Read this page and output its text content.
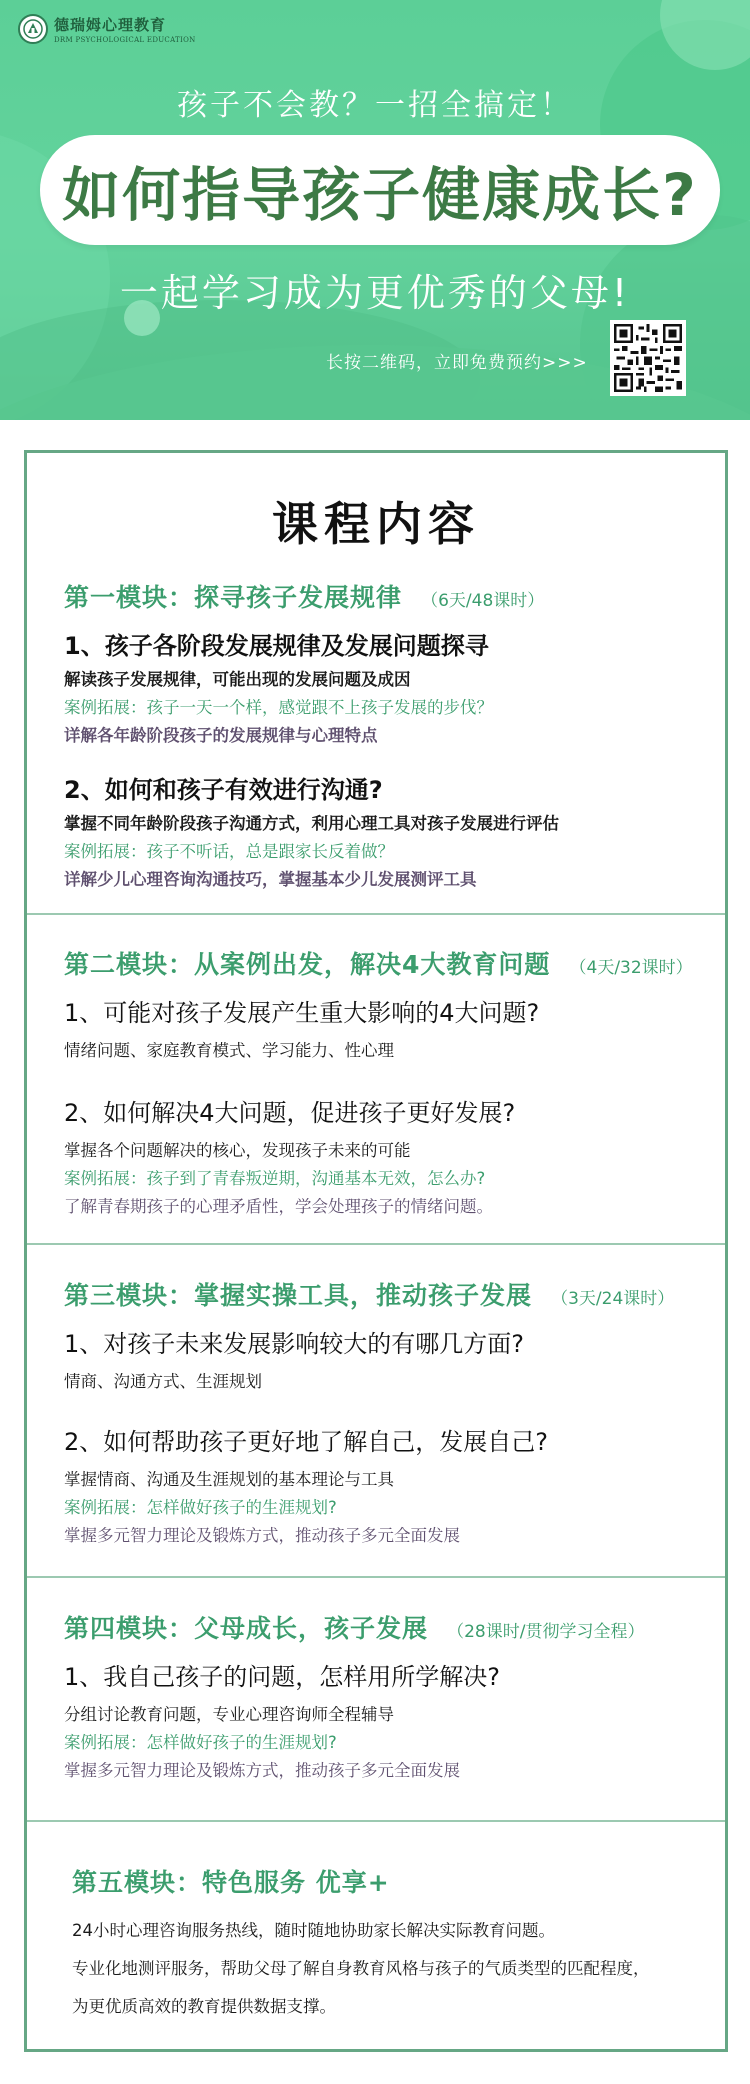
德瑞姆心理教育
DRM PSYCHOLOGICAL EDUCATION
孩子不会教？一招全搞定！
如何指导孩子健康成长?
一起学习成为更优秀的父母!
长按二维码，立即免费预约>>>
课程内容
第一模块：探寻孩子发展规律 （6天/48课时）
1、孩子各阶段发展规律及发展问题探寻
解读孩子发展规律，可能出现的发展问题及成因
案例拓展：孩子一天一个样，感觉跟不上孩子发展的步伐？
详解各年龄阶段孩子的发展规律与心理特点
2、如何和孩子有效进行沟通?
掌握不同年龄阶段孩子沟通方式，利用心理工具对孩子发展进行评估
案例拓展：孩子不听话，总是跟家长反着做？
详解少儿心理咨询沟通技巧，掌握基本少儿发展测评工具
第二模块：从案例出发，解决4大教育问题 （4天/32课时）
1、可能对孩子发展产生重大影响的4大问题?
情绪问题、家庭教育模式、学习能力、性心理
2、如何解决4大问题，促进孩子更好发展?
掌握各个问题解决的核心，发现孩子未来的可能
案例拓展：孩子到了青春叛逆期，沟通基本无效，怎么办?
了解青春期孩子的心理矛盾性，学会处理孩子的情绪问题。
第三模块：掌握实操工具，推动孩子发展 （3天/24课时）
1、对孩子未来发展影响较大的有哪几方面?
情商、沟通方式、生涯规划
2、如何帮助孩子更好地了解自己，发展自己?
掌握情商、沟通及生涯规划的基本理论与工具
案例拓展：怎样做好孩子的生涯规划?
掌握多元智力理论及锻炼方式，推动孩子多元全面发展
第四模块：父母成长，孩子发展 （28课时/贯彻学习全程）
1、我自己孩子的问题，怎样用所学解决?
分组讨论教育问题，专业心理咨询师全程辅导
案例拓展：怎样做好孩子的生涯规划?
掌握多元智力理论及锻炼方式，推动孩子多元全面发展
第五模块：特色服务 优享+
24小时心理咨询服务热线，随时随地协助家长解决实际教育问题。
专业化地测评服务，帮助父母了解自身教育风格与孩子的气质类型的匹配程度，
为更优质高效的教育提供数据支撑。
